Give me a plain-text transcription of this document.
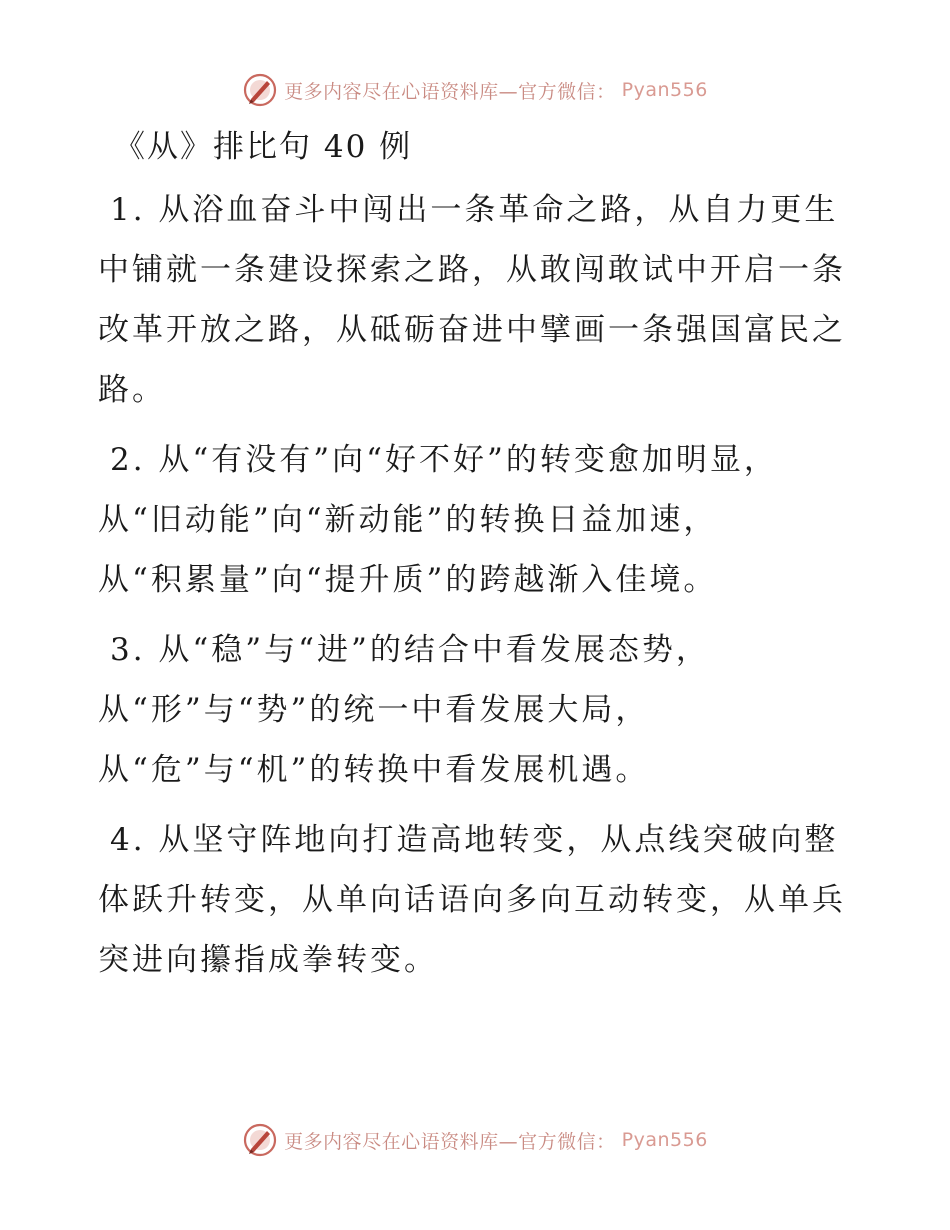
更多内容尽在心语资料库—官方微信： Pyan556
《从》排比句 40 例
1. 从浴血奋斗中闯出一条革命之路，从自力更生
中铺就一条建设探索之路，从敢闯敢试中开启一条
改革开放之路，从砥砺奋进中擘画一条强国富民之
路。
2. 从“有没有”向“好不好”的转变愈加明显，
从“旧动能”向“新动能”的转换日益加速，
从“积累量”向“提升质”的跨越渐入佳境。
3. 从“稳”与“进”的结合中看发展态势，
从“形”与“势”的统一中看发展大局，
从“危”与“机”的转换中看发展机遇。
4. 从坚守阵地向打造高地转变，从点线突破向整
体跃升转变，从单向话语向多向互动转变，从单兵
突进向攥指成拳转变。
更多内容尽在心语资料库—官方微信： Pyan556
